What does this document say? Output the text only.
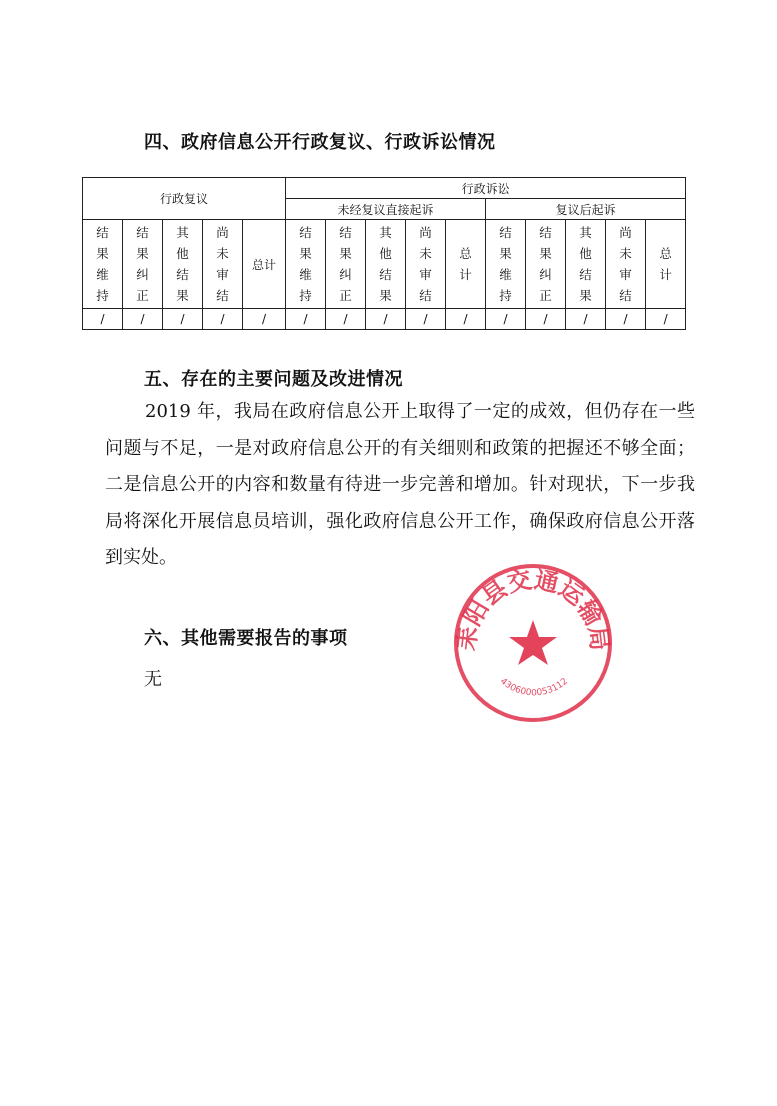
四、政府信息公开行政复议、行政诉讼情况
行政复议					行政诉讼									
					未经复议直接起诉					复议后起诉				
结果维持	结果纠正	其他结果	尚未审结	总计	结果维持	结果纠正	其他结果	尚未审结	总计	结果维持	结果纠正	其他结果	尚未审结	总计
/	/	/	/	/	/	/	/	/	/	/	/	/	/	/
五、存在的主要问题及改进情况
2019 年，我局在政府信息公开上取得了一定的成效，但仍存在一些问题与不足，一是对政府信息公开的有关细则和政策的把握还不够全面；二是信息公开的内容和数量有待进一步完善和增加。针对现状，下一步我局将深化开展信息员培训，强化政府信息公开工作，确保政府信息公开落到实处。
六、其他需要报告的事项
无
耒阳县交通运输局
4306000053112
